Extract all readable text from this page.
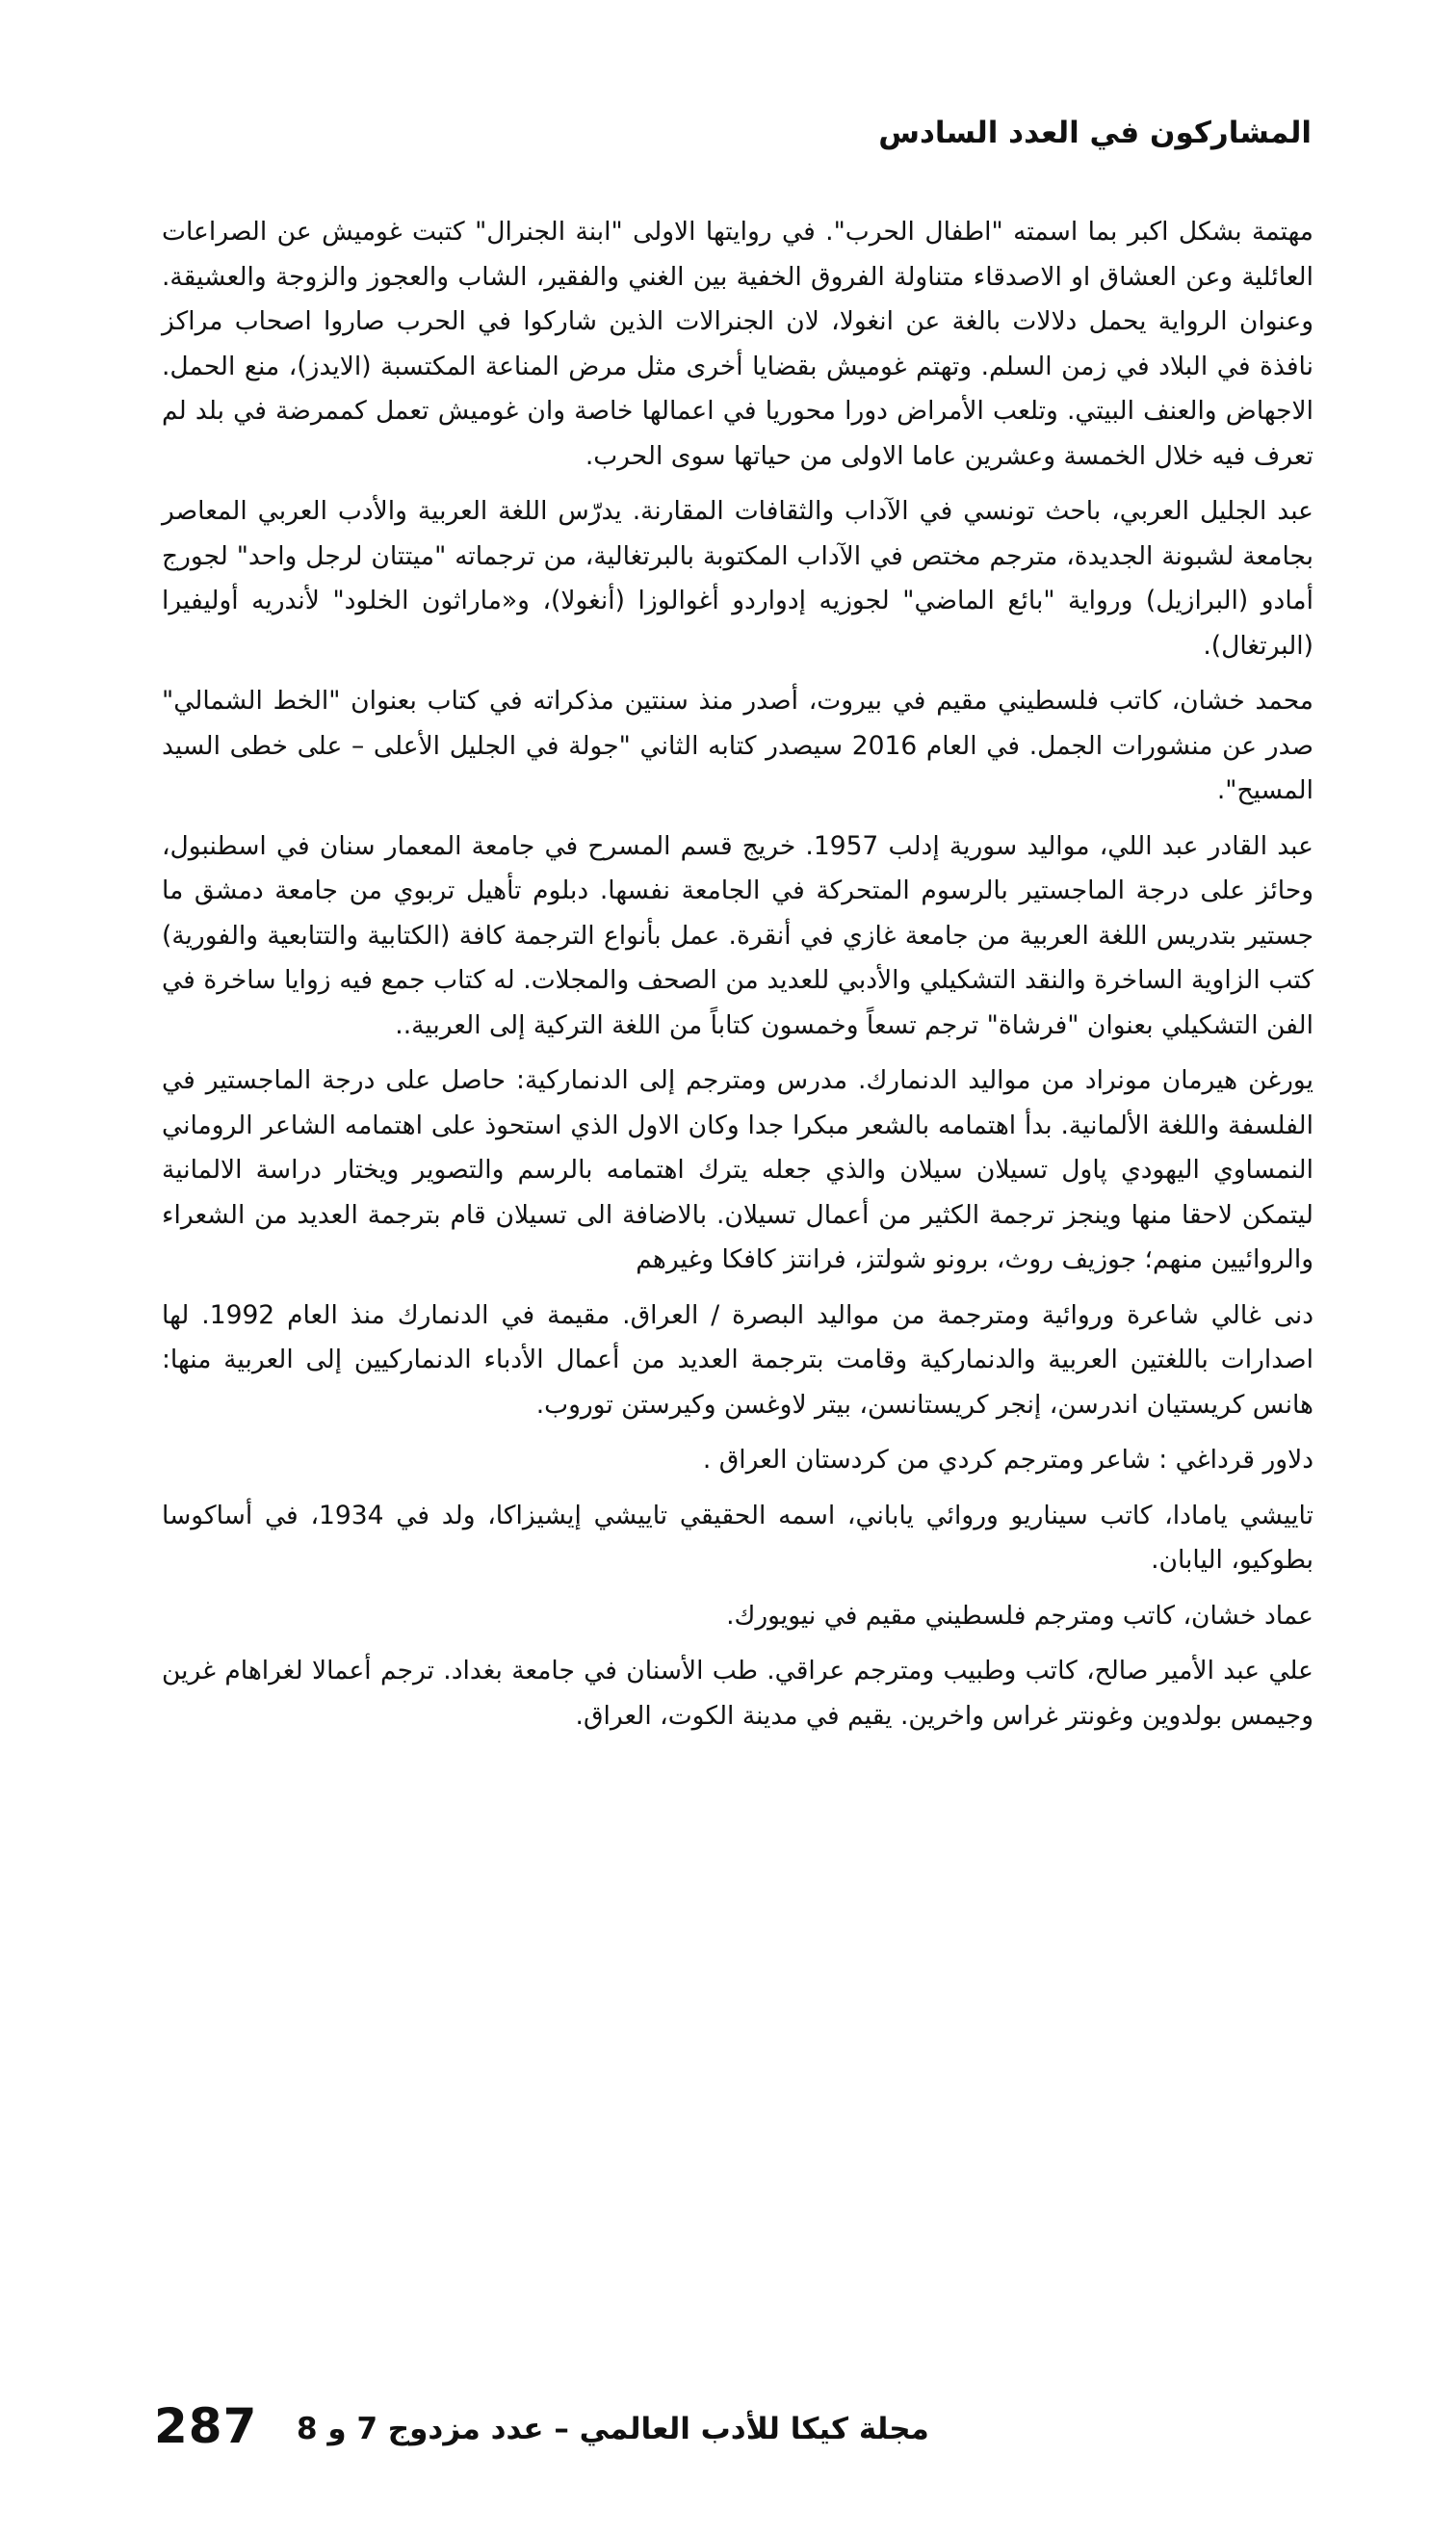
المشاركون في العدد السادس

مهتمة بشكل اكبر بما اسمته "اطفال الحرب". في روايتها الاولى "ابنة الجنرال" كتبت غوميش عن الصراعات العائلية وعن العشاق او الاصدقاء متناولة الفروق الخفية بين الغني والفقير، الشاب والعجوز والزوجة والعشيقة. وعنوان الرواية يحمل دلالات بالغة عن انغولا، لان الجنرالات الذين شاركوا في الحرب صاروا اصحاب مراكز نافذة في البلاد في زمن السلم. وتهتم غوميش بقضايا أخرى مثل مرض المناعة المكتسبة (الايدز)، منع الحمل. الاجهاض والعنف البيتي. وتلعب الأمراض دورا محوريا في اعمالها خاصة وان غوميش تعمل كممرضة في بلد لم تعرف فيه خلال الخمسة وعشرين عاما الاولى من حياتها سوى الحرب.

عبد الجليل العربي، باحث تونسي في الآداب والثقافات المقارنة. يدرّس اللغة العربية والأدب العربي المعاصر بجامعة لشبونة الجديدة، مترجم مختص في الآداب المكتوبة بالبرتغالية، من ترجماته "ميتتان لرجل واحد" لجورج أمادو (البرازيل) ورواية "بائع الماضي" لجوزيه إدواردو أغوالوزا (أنغولا)، و«ماراثون الخلود" لأندريه أوليفيرا (البرتغال).

محمد خشان، كاتب فلسطيني مقيم في بيروت، أصدر منذ سنتين مذكراته في كتاب بعنوان "الخط الشمالي" صدر عن منشورات الجمل. في العام 2016 سيصدر كتابه الثاني "جولة في الجليل الأعلى – على خطى السيد المسيح".

عبد القادر عبد اللي، مواليد سورية إدلب 1957. خريج قسم المسرح في جامعة المعمار سنان في اسطنبول، وحائز على درجة الماجستير بالرسوم المتحركة في الجامعة نفسها. دبلوم تأهيل تربوي من جامعة دمشق ما جستير بتدريس اللغة العربية من جامعة غازي في أنقرة. عمل بأنواع الترجمة كافة (الكتابية والتتابعية والفورية) كتب الزاوية الساخرة والنقد التشكيلي والأدبي للعديد من الصحف والمجلات. له كتاب جمع فيه زوايا ساخرة في الفن التشكيلي بعنوان "فرشاة" ترجم تسعاً وخمسون كتاباً من اللغة التركية إلى العربية..

يورغن هيرمان مونراد من مواليد الدنمارك. مدرس ومترجم إلى الدنماركية: حاصل على درجة الماجستير في الفلسفة واللغة الألمانية. بدأ اهتمامه بالشعر مبكرا جدا وكان الاول الذي استحوذ على اهتمامه الشاعر الروماني النمساوي اليهودي پاول تسيلان سيلان والذي جعله يترك اهتمامه بالرسم والتصوير ويختار دراسة الالمانية ليتمكن لاحقا منها وينجز ترجمة الكثير من أعمال تسيلان. بالاضافة الى تسيلان قام بترجمة العديد من الشعراء والروائيين منهم؛ جوزيف روث، برونو شولتز، فرانتز كافكا وغيرهم

دنى غالي شاعرة وروائية ومترجمة من مواليد البصرة / العراق. مقيمة في الدنمارك منذ العام 1992. لها اصدارات باللغتين العربية والدنماركية وقامت بترجمة العديد من أعمال الأدباء الدنماركيين إلى العربية منها: هانس كريستيان اندرسن، إنجر كريستانسن، بيتر لاوغسن وكيرستن توروب.

دلاور قرداغي : شاعر ومترجم كردي من كردستان العراق .

تاييشي يامادا، كاتب سيناريو وروائي ياباني، اسمه الحقيقي تاييشي إيشيزاكا، ولد في 1934، في أساكوسا بطوكيو، اليابان.

عماد خشان، كاتب ومترجم فلسطيني مقيم في نيويورك.

علي عبد الأمير صالح، كاتب وطبيب ومترجم عراقي. طب الأسنان في جامعة بغداد. ترجم أعمالا لغراهام غرين وجيمس بولدوين وغونتر غراس واخرين. يقيم في مدينة الكوت، العراق.

287 مجلة كيكا للأدب العالمي – عدد مزدوج 7 و 8
